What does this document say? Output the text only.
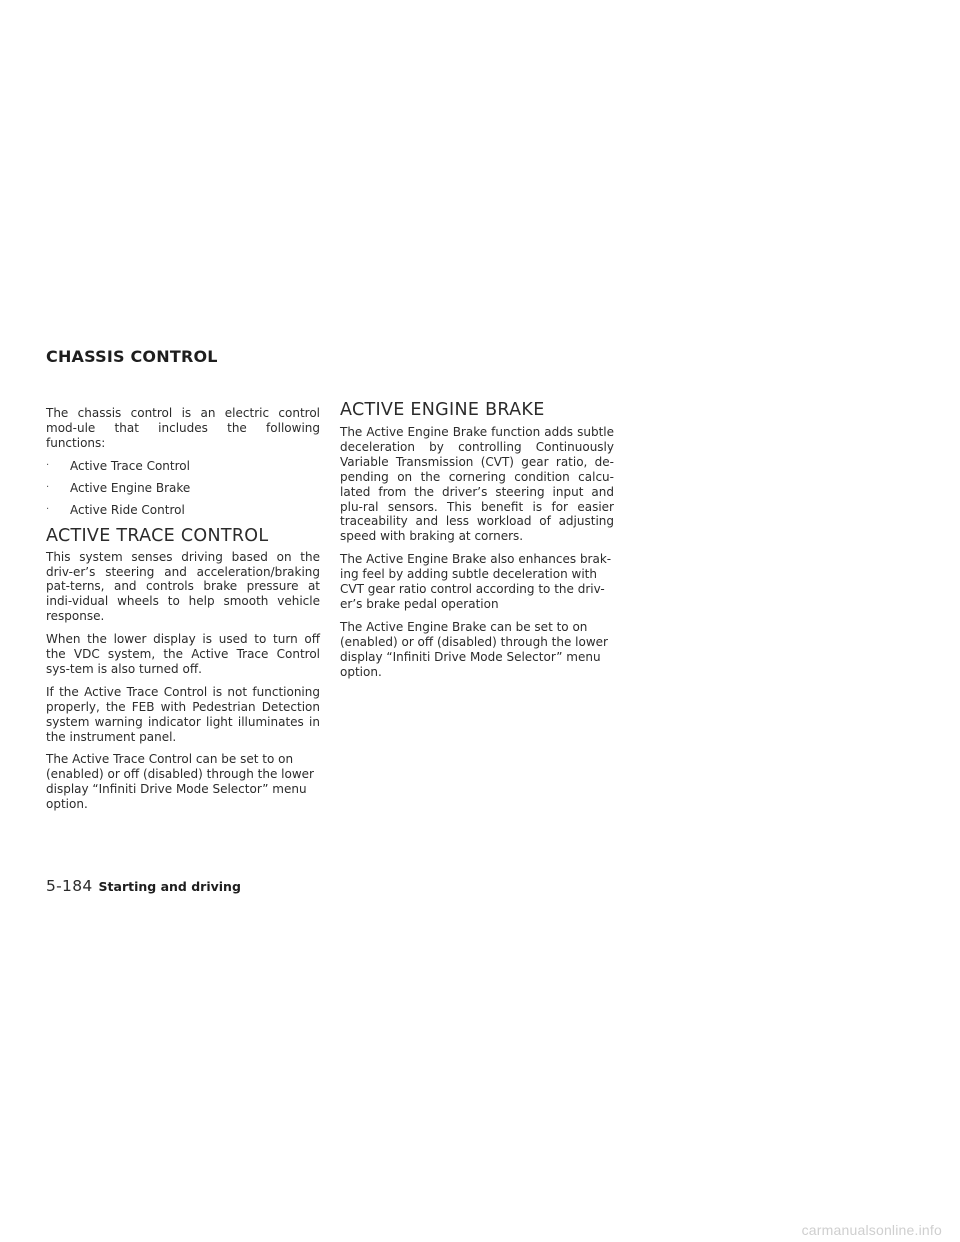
CHASSIS CONTROL

The chassis control is an electric control mod-ule that includes the following functions:

· Active Trace Control
· Active Engine Brake
· Active Ride Control
ACTIVE TRACE CONTROL

This system senses driving based on the driv-er’s steering and acceleration/braking pat-terns, and controls brake pressure at indi-vidual wheels to help smooth vehicle response.

When the lower display is used to turn off the VDC system, the Active Trace Control sys-tem is also turned off.

If the Active Trace Control is not functioning properly, the FEB with Pedestrian Detection system warning indicator light illuminates in the instrument panel.

The Active Trace Control can be set to on (enabled) or off (disabled) through the lower display “Infiniti Drive Mode Selector” menu option.

ACTIVE ENGINE BRAKE

The Active Engine Brake function adds subtle deceleration by controlling Continuously Variable Transmission (CVT) gear ratio, de-pending on the cornering condition calcu-lated from the driver’s steering input and plu-ral sensors. This benefit is for easier traceability and less workload of adjusting speed with braking at corners.

The Active Engine Brake also enhances brak-ing feel by adding subtle deceleration with CVT gear ratio control according to the driv-er’s brake pedal operation

The Active Engine Brake can be set to on (enabled) or off (disabled) through the lower display “Infiniti Drive Mode Selector” menu option.

5-184 Starting and driving
carmanualsonline.info
